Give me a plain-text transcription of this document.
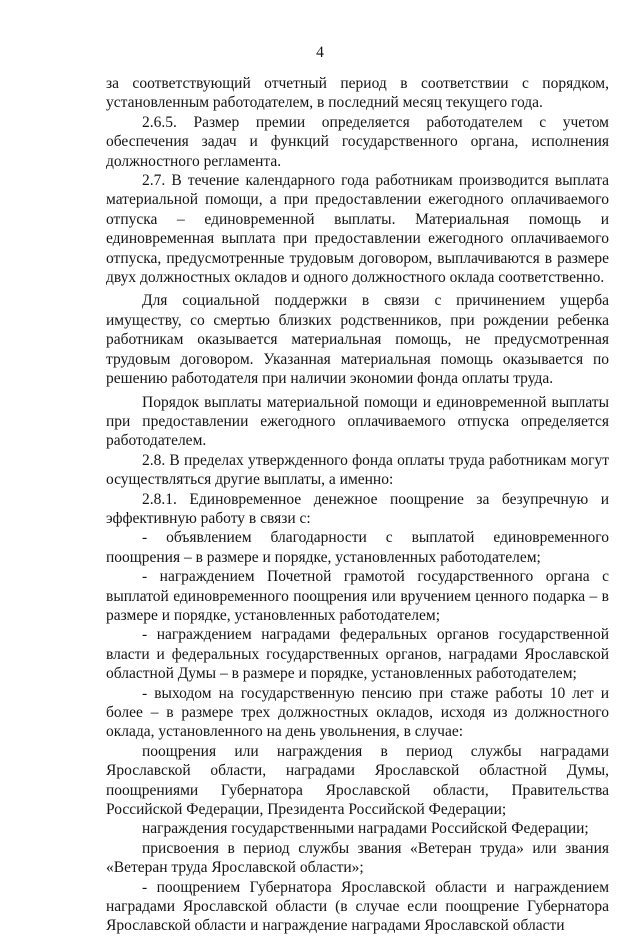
4

за соответствующий отчетный период в соответствии с порядком, установленным работодателем, в последний месяц текущего года.

2.6.5. Размер премии определяется работодателем с учетом обеспечения задач и функций государственного органа, исполнения должностного регламента.

2.7. В течение календарного года работникам производится выплата материальной помощи, а при предоставлении ежегодного оплачиваемого отпуска – единовременной выплаты. Материальная помощь и единовременная выплата при предоставлении ежегодного оплачиваемого отпуска, предусмотренные трудовым договором, выплачиваются в размере двух должностных окладов и одного должностного оклада соответственно.

Для социальной поддержки в связи с причинением ущерба имуществу, со смертью близких родственников, при рождении ребенка работникам оказывается материальная помощь, не предусмотренная трудовым договором. Указанная материальная помощь оказывается по решению работодателя при наличии экономии фонда оплаты труда.

Порядок выплаты материальной помощи и единовременной выплаты при предоставлении ежегодного оплачиваемого отпуска определяется работодателем.

2.8. В пределах утвержденного фонда оплаты труда работникам могут осуществляться другие выплаты, а именно:

2.8.1. Единовременное денежное поощрение за безупречную и эффективную работу в связи с:

- объявлением благодарности с выплатой единовременного поощрения – в размере и порядке, установленных работодателем;

- награждением Почетной грамотой государственного органа с выплатой единовременного поощрения или вручением ценного подарка – в размере и порядке, установленных работодателем;

- награждением наградами федеральных органов государственной власти и федеральных государственных органов, наградами Ярославской областной Думы – в размере и порядке, установленных работодателем;

- выходом на государственную пенсию при стаже работы 10 лет и более – в размере трех должностных окладов, исходя из должностного оклада, установленного на день увольнения, в случае:

поощрения или награждения в период службы наградами Ярославской области, наградами Ярославской областной Думы, поощрениями Губернатора Ярославской области, Правительства Российской Федерации, Президента Российской Федерации;

награждения государственными наградами Российской Федерации;

присвоения в период службы звания «Ветеран труда» или звания «Ветеран труда Ярославской области»;

- поощрением Губернатора Ярославской области и награждением наградами Ярославской области (в случае если поощрение Губернатора Ярославской области и награждение наградами Ярославской области
